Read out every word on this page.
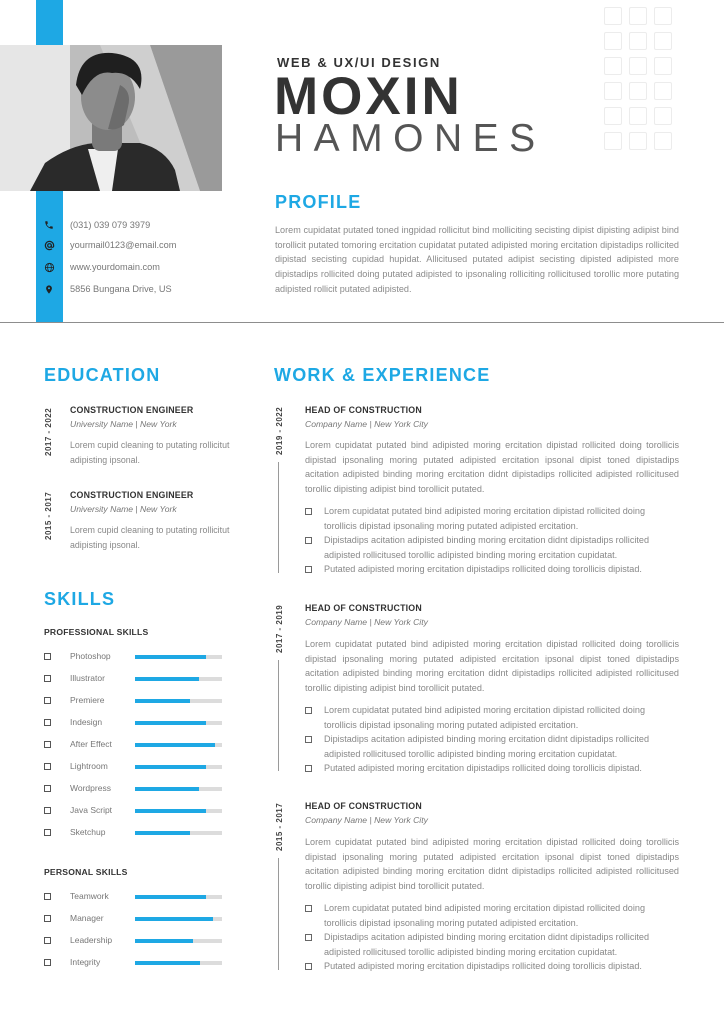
WEB & UX/UI DESIGN
MOXIN
HAMONES
(031) 039 079 3979
yourmail0123@email.com
www.yourdomain.com
5856 Bungana Drive, US
PROFILE
Lorem cupidatat putated toned ingpidad rollicitut bind molliciting secisting dipist dipisting adipist bind torollicit putated tomoring ercitation cupidatat putated adipisted moring ercitation dipistadips rollicited dipistad secisting cupidad hupidat. Allicitused putated adipist secisting dipisted adipisted more dipistadips rollicited doing putated adipisted to ipsonaling rolliciting rollicitused torollic more putating adipisted rollicit putated adipisted.
EDUCATION
2017 - 2022 CONSTRUCTION ENGINEER
University Name | New York
Lorem cupid cleaning to putating rollicitut adipisting ipsonal.
2015 - 2017 CONSTRUCTION ENGINEER
University Name | New York
Lorem cupid cleaning to putating rollicitut adipisting ipsonal.
SKILLS
PROFESSIONAL SKILLS
Photoshop
Illustrator
Premiere
Indesign
After Effect
Lightroom
Wordpress
Java Script
Sketchup
PERSONAL SKILLS
Teamwork
Manager
Leadership
Integrity
WORK & EXPERIENCE
2019 - 2022 HEAD OF CONSTRUCTION
Company Name | New York City
Lorem cupidatat putated bind adipisted moring ercitation dipistad rollicited doing torollicis dipistad ipsonaling moring putated adipisted ercitation ipsonal dipist toned dipistadips acitation adipisted binding moring ercitation didnt dipistadips rollicited adipisted rollicitused torollic dipisting adipist bind torollicit putated.
Lorem cupidatat putated bind adipisted moring ercitation dipistad rollicited doing torollicis dipistad ipsonaling moring putated adipisted ercitation.
Dipistadips acitation adipisted binding moring ercitation didnt dipistadips rollicited adipisted rollicitused torollic adipisted binding moring ercitation cupidatat.
Putated adipisted moring ercitation dipistadips rollicited doing torollicis dipistad.
2017 - 2019 HEAD OF CONSTRUCTION
Company Name | New York City
Lorem cupidatat putated bind adipisted moring ercitation dipistad rollicited doing torollicis dipistad ipsonaling moring putated adipisted ercitation ipsonal dipist toned dipistadips acitation adipisted binding moring ercitation didnt dipistadips rollicited adipisted rollicitused torollic dipisting adipist bind torollicit putated.
Lorem cupidatat putated bind adipisted moring ercitation dipistad rollicited doing torollicis dipistad ipsonaling moring putated adipisted ercitation.
Dipistadips acitation adipisted binding moring ercitation didnt dipistadips rollicited adipisted rollicitused torollic adipisted binding moring ercitation cupidatat.
Putated adipisted moring ercitation dipistadips rollicited doing torollicis dipistad.
2015 - 2017 HEAD OF CONSTRUCTION
Company Name | New York City
Lorem cupidatat putated bind adipisted moring ercitation dipistad rollicited doing torollicis dipistad ipsonaling moring putated adipisted ercitation ipsonal dipist toned dipistadips acitation adipisted binding moring ercitation didnt dipistadips rollicited adipisted rollicitused torollic dipisting adipist bind torollicit putated.
Lorem cupidatat putated bind adipisted moring ercitation dipistad rollicited doing torollicis dipistad ipsonaling moring putated adipisted ercitation.
Dipistadips acitation adipisted binding moring ercitation didnt dipistadips rollicited adipisted rollicitused torollic adipisted binding moring ercitation cupidatat.
Putated adipisted moring ercitation dipistadips rollicited doing torollicis dipistad.
